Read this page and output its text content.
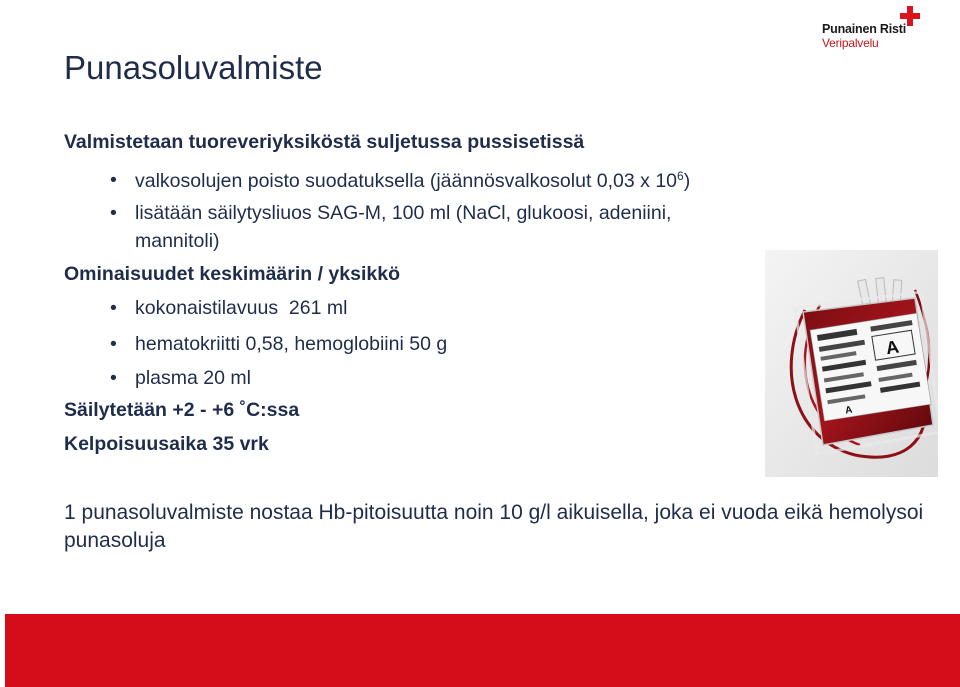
Punainen Risti
Veripalvelu
Punasoluvalmiste
Valmistetaan tuoreveriyksiköstä suljetussa pussisetissä
• valkosolujen poisto suodatuksella (jäännösvalkosolut 0,03 x $10^6$)
• lisätään säilytysliuos SAG-M, 100 ml (NaCl, glukoosi, adeniini,
mannitoli)
Ominaisuudet keskimäärin / yksikkö
• kokonaistilavuus  261 ml
• hematokriitti 0,58, hemoglobiini 50 g
• plasma 20 ml
Säilytetään +2 - +6 ˚C:ssa
Kelpoisuusaika 35 vrk
A
A
1 punasoluvalmiste nostaa Hb-pitoisuutta noin 10 g/l aikuisella, joka ei vuoda eikä hemolysoi punasoluja
